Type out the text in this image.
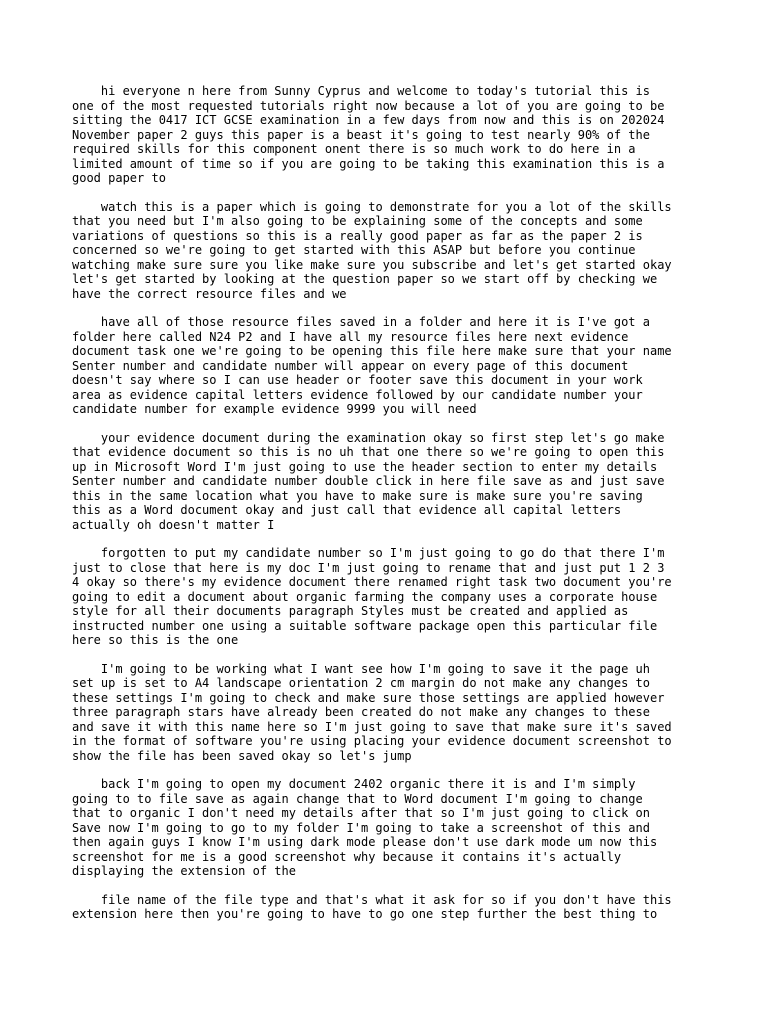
hi everyone n here from Sunny Cyprus and welcome to today's tutorial this is
one of the most requested tutorials right now because a lot of you are going to be
sitting the 0417 ICT GCSE examination in a few days from now and this is on 202024
November paper 2 guys this paper is a beast it's going to test nearly 90% of the
required skills for this component onent there is so much work to do here in a
limited amount of time so if you are going to be taking this examination this is a
good paper to

watch this is a paper which is going to demonstrate for you a lot of the skills
that you need but I'm also going to be explaining some of the concepts and some
variations of questions so this is a really good paper as far as the paper 2 is
concerned so we're going to get started with this ASAP but before you continue
watching make sure sure you like make sure you subscribe and let's get started okay
let's get started by looking at the question paper so we start off by checking we
have the correct resource files and we

have all of those resource files saved in a folder and here it is I've got a
folder here called N24 P2 and I have all my resource files here next evidence
document task one we're going to be opening this file here make sure that your name
Senter number and candidate number will appear on every page of this document
doesn't say where so I can use header or footer save this document in your work
area as evidence capital letters evidence followed by our candidate number your
candidate number for example evidence 9999 you will need

your evidence document during the examination okay so first step let's go make
that evidence document so this is no uh that one there so we're going to open this
up in Microsoft Word I'm just going to use the header section to enter my details
Senter number and candidate number double click in here file save as and just save
this in the same location what you have to make sure is make sure you're saving
this as a Word document okay and just call that evidence all capital letters
actually oh doesn't matter I

forgotten to put my candidate number so I'm just going to go do that there I'm
just to close that here is my doc I'm just going to rename that and just put 1 2 3
4 okay so there's my evidence document there renamed right task two document you're
going to edit a document about organic farming the company uses a corporate house
style for all their documents paragraph Styles must be created and applied as
instructed number one using a suitable software package open this particular file
here so this is the one

I'm going to be working what I want see how I'm going to save it the page uh
set up is set to A4 landscape orientation 2 cm margin do not make any changes to
these settings I'm going to check and make sure those settings are applied however
three paragraph stars have already been created do not make any changes to these
and save it with this name here so I'm just going to save that make sure it's saved
in the format of software you're using placing your evidence document screenshot to
show the file has been saved okay so let's jump

back I'm going to open my document 2402 organic there it is and I'm simply
going to to file save as again change that to Word document I'm going to change
that to organic I don't need my details after that so I'm just going to click on
Save now I'm going to go to my folder I'm going to take a screenshot of this and
then again guys I know I'm using dark mode please don't use dark mode um now this
screenshot for me is a good screenshot why because it contains it's actually
displaying the extension of the

file name of the file type and that's what it ask for so if you don't have this
extension here then you're going to have to go one step further the best thing to
